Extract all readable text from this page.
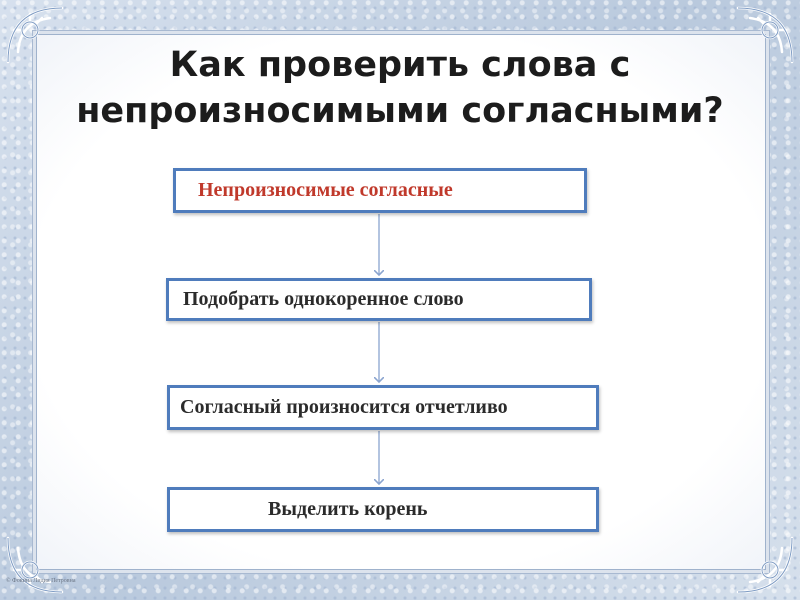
Как проверить слова с
непроизносимыми согласными?
Непроизносимые согласные
Подобрать однокоренное слово
Согласный произносится отчетливо
Выделить корень
© Фокина Лидия Петровна
